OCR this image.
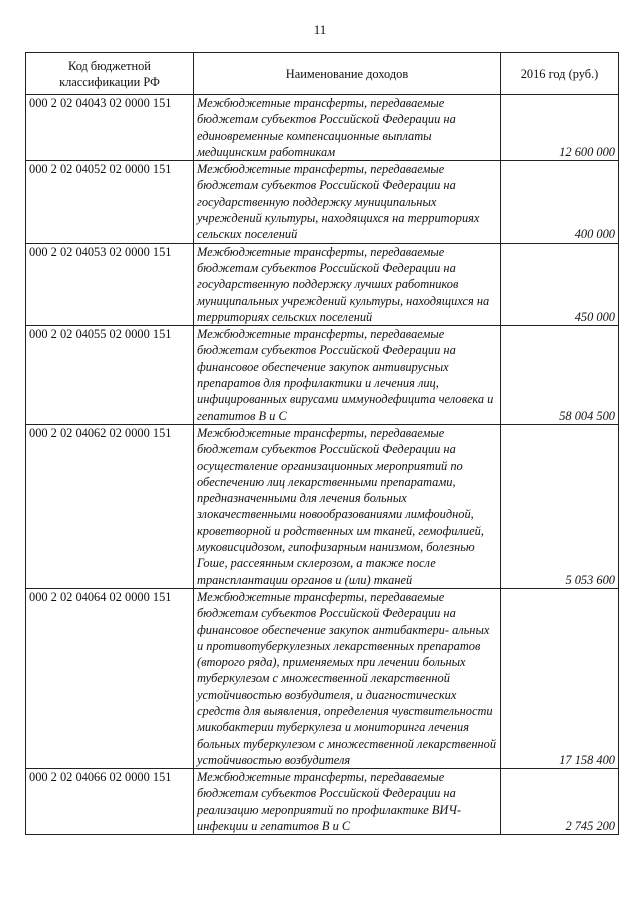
11
Код бюджетной классификации РФ	Наименование доходов	2016 год (руб.)
000 2 02 04043 02 0000 151	Межбюджетные трансферты, передаваемые бюджетам субъектов Российской Федерации на единовременные компенсационные выплаты медицинским работникам	12 600 000
000 2 02 04052 02 0000 151	Межбюджетные трансферты, передаваемые бюджетам субъектов Российской Федерации на государственную поддержку муниципальных учреждений культуры, находящихся на территориях сельских поселений	400 000
000 2 02 04053 02 0000 151	Межбюджетные трансферты, передаваемые бюджетам субъектов Российской Федерации на государственную поддержку лучших работников муниципальных учреждений культуры, находящихся на территориях сельских поселений	450 000
000 2 02 04055 02 0000 151	Межбюджетные трансферты, передаваемые бюджетам субъектов Российской Федерации на финансовое обеспечение закупок антивирусных препаратов для профилактики и лечения лиц, инфицированных вирусами иммунодефицита человека и гепатитов B и C	58 004 500
000 2 02 04062 02 0000 151	Межбюджетные трансферты, передаваемые бюджетам субъектов Российской Федерации на осуществление организационных мероприятий по обеспечению лиц лекарственными препаратами, предназначенными для лечения больных злокачественными новообразованиями лимфоидной, кроветворной и родственных им тканей, гемофилией, муковисцидозом, гипофизарным нанизмом, болезнью Гоше, рассеянным склерозом, а также после трансплантации органов и (или) тканей	5 053 600
000 2 02 04064 02 0000 151	Межбюджетные трансферты, передаваемые бюджетам субъектов Российской Федерации на финансовое обеспечение закупок антибактери- альных и противотуберкулезных лекарственных препаратов (второго ряда), применяемых при лечении больных туберкулезом с множественной лекарственной устойчивостью возбудителя, и диагностических средств для выявления, определения чувствительности микобактерии туберкулеза и мониторинга лечения больных туберкулезом с множественной лекарственной устойчивостью возбудителя	17 158 400
000 2 02 04066 02 0000 151	Межбюджетные трансферты, передаваемые бюджетам субъектов Российской Федерации на реализацию мероприятий по профилактике ВИЧ-инфекции и гепатитов B и C	2 745 200
